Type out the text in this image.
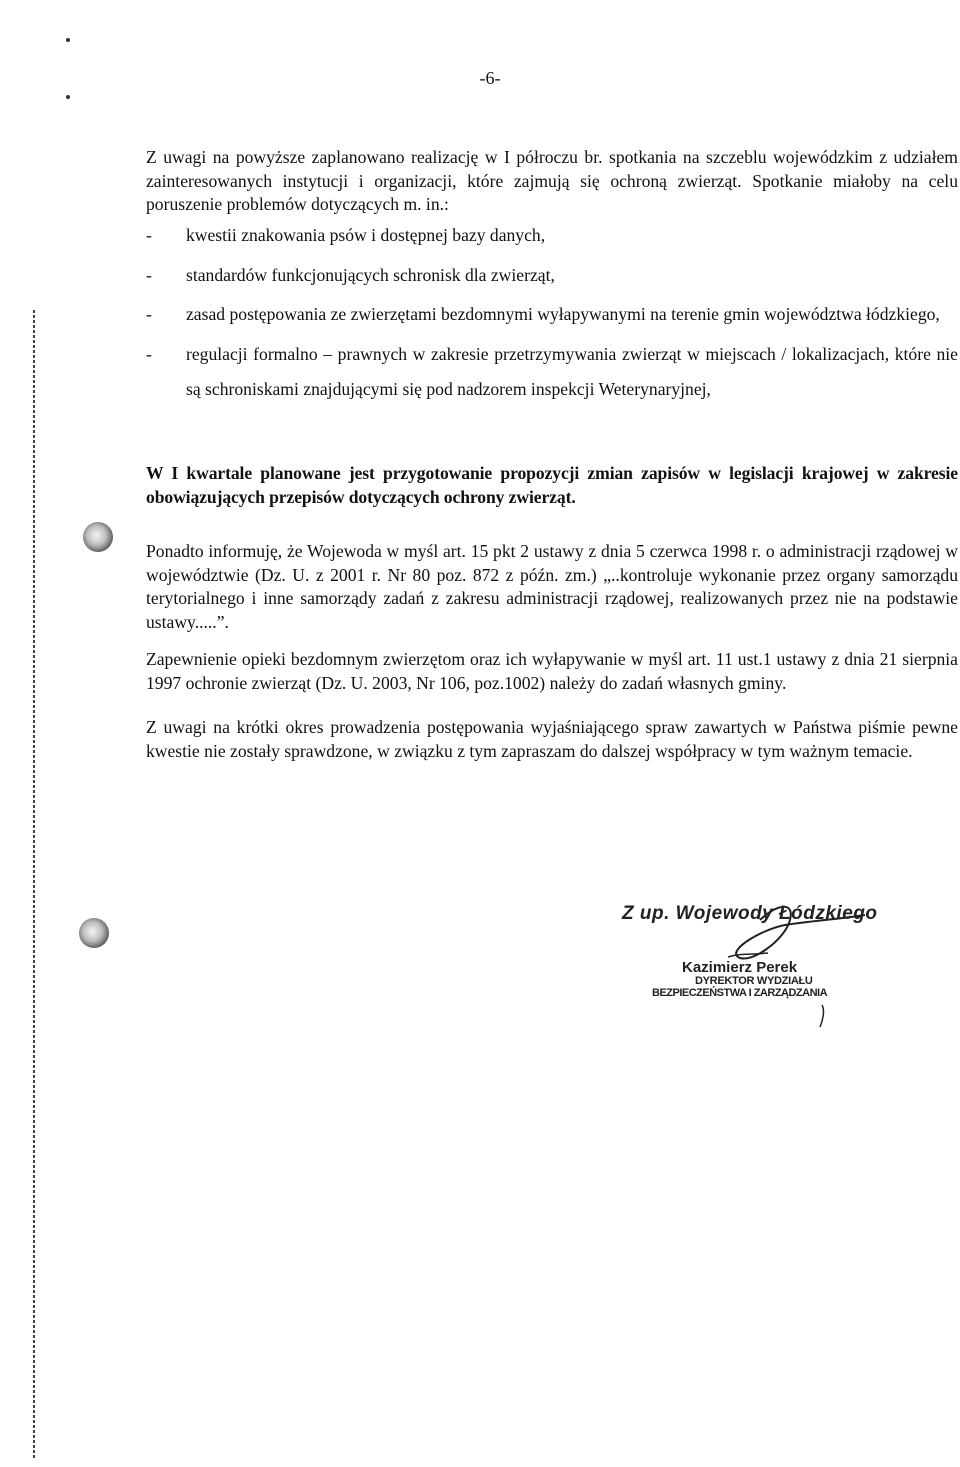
-6-

Z uwagi na powyższe zaplanowano realizację w I półroczu br. spotkania na szczeblu wojewódzkim z udziałem zainteresowanych instytucji i organizacji, które zajmują się ochroną zwierząt. Spotkanie miałoby na celu poruszenie problemów dotyczących m. in.:

- kwestii znakowania psów i dostępnej bazy danych,
- standardów funkcjonujących schronisk dla zwierząt,
- zasad postępowania ze zwierzętami bezdomnymi wyłapywanymi na terenie gmin województwa łódzkiego,
- regulacji formalno – prawnych w zakresie przetrzymywania zwierząt w miejscach / lokalizacjach, które nie są schroniskami znajdującymi się pod nadzorem inspekcji Weterynaryjnej,

W I kwartale planowane jest przygotowanie propozycji zmian zapisów w legislacji krajowej w zakresie obowiązujących przepisów dotyczących ochrony zwierząt.

Ponadto informuję, że Wojewoda w myśl art. 15 pkt 2 ustawy z dnia 5 czerwca 1998 r. o administracji rządowej w województwie (Dz. U. z 2001 r. Nr 80 poz. 872 z późn. zm.) „..kontroluje wykonanie przez organy samorządu terytorialnego i inne samorządy zadań z zakresu administracji rządowej, realizowanych przez nie na podstawie ustawy.....”.

Zapewnienie opieki bezdomnym zwierzętom oraz ich wyłapywanie w myśl art. 11 ust.1 ustawy z dnia 21 sierpnia 1997 ochronie zwierząt (Dz. U. 2003, Nr 106, poz.1002) należy do zadań własnych gminy.

Z uwagi na krótki okres prowadzenia postępowania wyjaśniającego spraw zawartych w Państwa piśmie pewne kwestie nie zostały sprawdzone, w związku z tym zapraszam do dalszej współpracy w tym ważnym temacie.

Z up. Wojewody Łódzkiego
Kazimierz Perek
DYREKTOR WYDZIAŁU
BEZPIECZEŃSTWA I ZARZĄDZANIA
